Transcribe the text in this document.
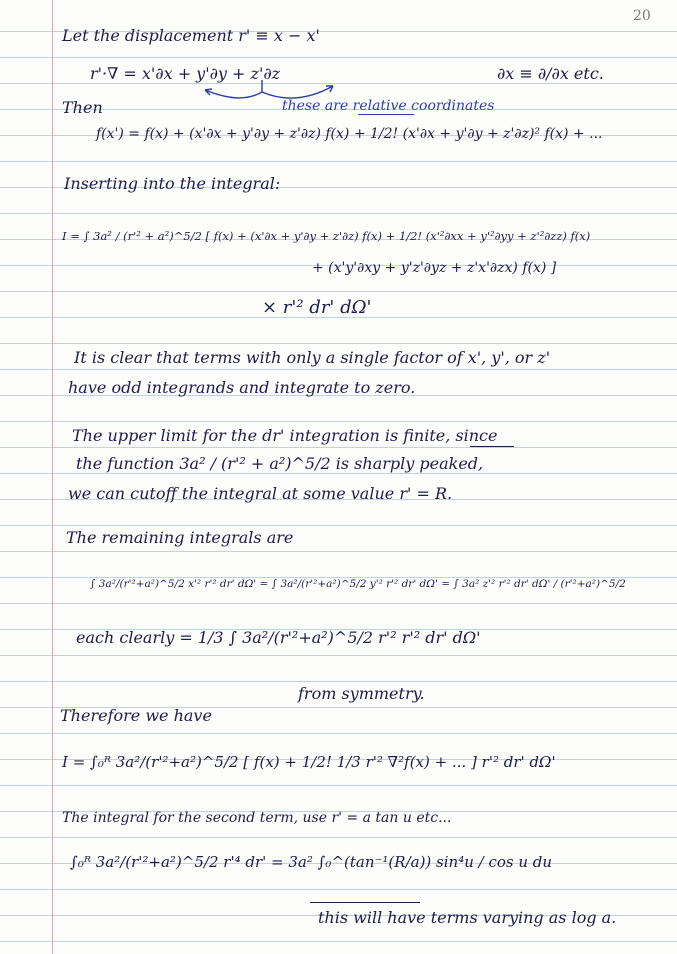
20
Let the displacement r' ≡ x − x'
r'·∇ = x'∂x + y'∂y + z'∂z	∂x ≡ ∂/∂x etc.
these are relative coordinates
Then
f(x') = f(x) + (x'∂x + y'∂y + z'∂z) f(x) + 1/2! (x'∂x + y'∂y + z'∂z)² f(x) + ...
Inserting into the integral:
I = ∫ 3a² / (r'² + a²)^5/2 [ f(x) + (x'∂x + y'∂y + z'∂z) f(x) + 1/2! (x'²∂xx + y'²∂yy + z'²∂zz) f(x)
+ (x'y'∂xy + y'z'∂yz + z'x'∂zx) f(x) ]
× r'² dr' dΩ'
It is clear that terms with only a single factor of x', y', or z'
have odd integrands and integrate to zero.
The upper limit for the dr' integration is finite, since
the function 3a² / (r'² + a²)^5/2 is sharply peaked,
we can cutoff the integral at some value r' = R.
The remaining integrals are
∫ 3a²/(r'²+a²)^5/2 x'² r'² dr' dΩ' = ∫ 3a²/(r'²+a²)^5/2 y'² r'² dr' dΩ' = ∫ 3a² z'² r'² dr' dΩ' / (r'²+a²)^5/2
each clearly = 1/3 ∫ 3a²/(r'²+a²)^5/2 r'² r'² dr' dΩ'
from symmetry.
Therefore we have
I = ∫₀ᴿ 3a²/(r'²+a²)^5/2 [ f(x) + 1/2! 1/3 r'² ∇²f(x) + ... ] r'² dr' dΩ'
The integral for the second term, use r' = a tan u etc...
∫₀ᴿ 3a²/(r'²+a²)^5/2 r'⁴ dr' = 3a² ∫₀^(tan⁻¹(R/a)) sin⁴u / cos u du
this will have terms varying as log a.
